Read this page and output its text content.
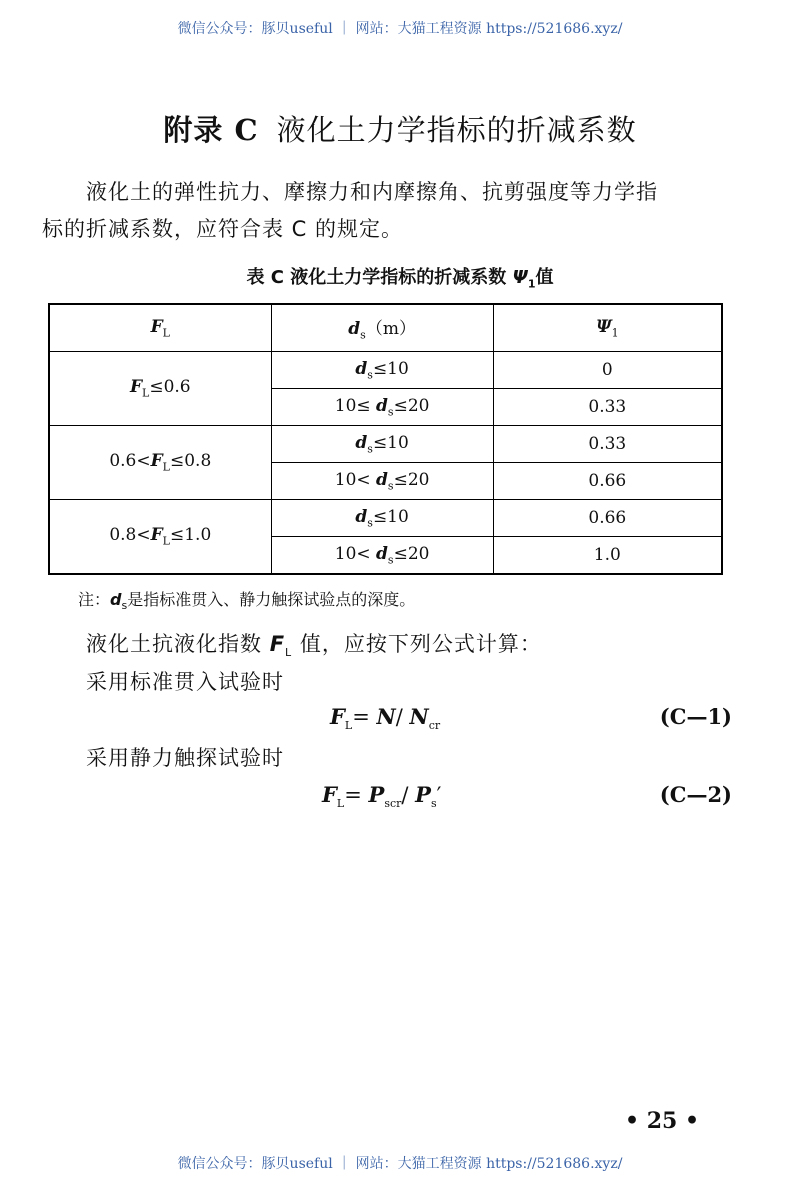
微信公众号：豚贝useful ｜ 网站：大猫工程资源 https://521686.xyz/
附录 C 液化土力学指标的折减系数
液化土的弹性抗力、摩擦力和内摩擦角、抗剪强度等力学指
标的折减系数，应符合表 C 的规定。
表 C 液化土力学指标的折减系数 $\Psi_1$值
$F_L$	$d_s(m)$	$\Psi_1$
$F_L\le 0.6$	$d_s\le 10$	0
	$10\le d_s\le 20$	0.33
$0.6<F_L\le 0.8$	$d_s\le 10$	0.33
	$10< d_s\le 20$	0.66
$0.8<F_L\le 1.0$	$d_s\le 10$	0.66
	$10< d_s\le 20$	1.0
注：$d_s$是指标准贯入、静力触探试验点的深度。
液化土抗液化指数 $F_L$ 值，应按下列公式计算：
采用标准贯入试验时
$F_L= N/$ $N_{cr}$	(C—1)
采用静力触探试验时
$F_L= P_{scr}/$ $P_s'$	(C—2)
• 25 •
微信公众号：豚贝useful ｜ 网站：大猫工程资源 https://521686.xyz/
